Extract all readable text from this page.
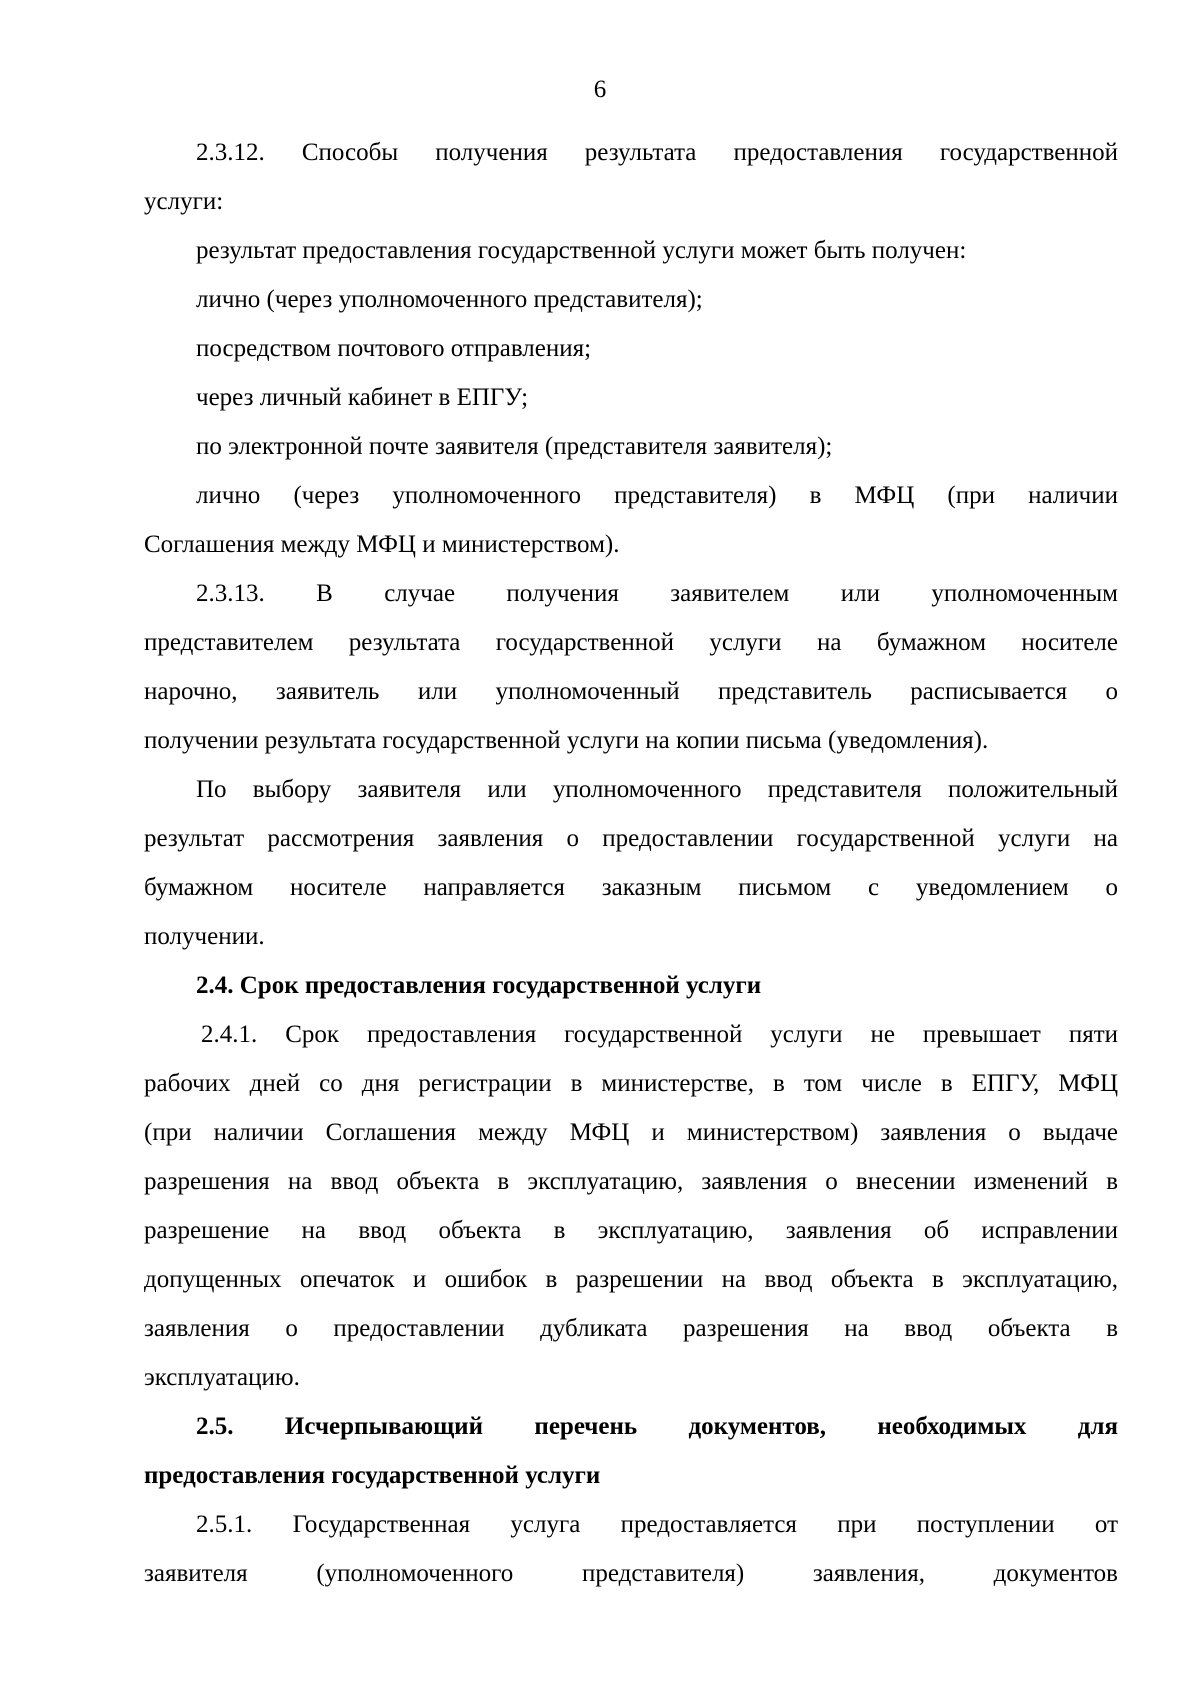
6
2.3.12. Способы получения результата предоставления государственной
услуги:
результат предоставления государственной услуги может быть получен:
лично (через уполномоченного представителя);
посредством почтового отправления;
через личный кабинет в ЕПГУ;
по электронной почте заявителя (представителя заявителя);
лично (через уполномоченного представителя) в МФЦ (при наличии
Соглашения между МФЦ и министерством).
2.3.13. В случае получения заявителем или уполномоченным
представителем результата государственной услуги на бумажном носителе
нарочно, заявитель или уполномоченный представитель расписывается о
получении результата государственной услуги на копии письма (уведомления).
По выбору заявителя или уполномоченного представителя положительный
результат рассмотрения заявления о предоставлении государственной услуги на
бумажном носителе направляется заказным письмом с уведомлением о
получении.
2.4. Срок предоставления государственной услуги
2.4.1. Срок предоставления государственной услуги не превышает пяти
рабочих дней со дня регистрации в министерстве, в том числе в ЕПГУ, МФЦ
(при наличии Соглашения между МФЦ и министерством) заявления о выдаче
разрешения на ввод объекта в эксплуатацию, заявления о внесении изменений в
разрешение на ввод объекта в эксплуатацию, заявления об исправлении
допущенных опечаток и ошибок в разрешении на ввод объекта в эксплуатацию,
заявления о предоставлении дубликата разрешения на ввод объекта в
эксплуатацию.
2.5. Исчерпывающий перечень документов, необходимых для
предоставления государственной услуги
2.5.1. Государственная услуга предоставляется при поступлении от
заявителя (уполномоченного представителя) заявления, документов
